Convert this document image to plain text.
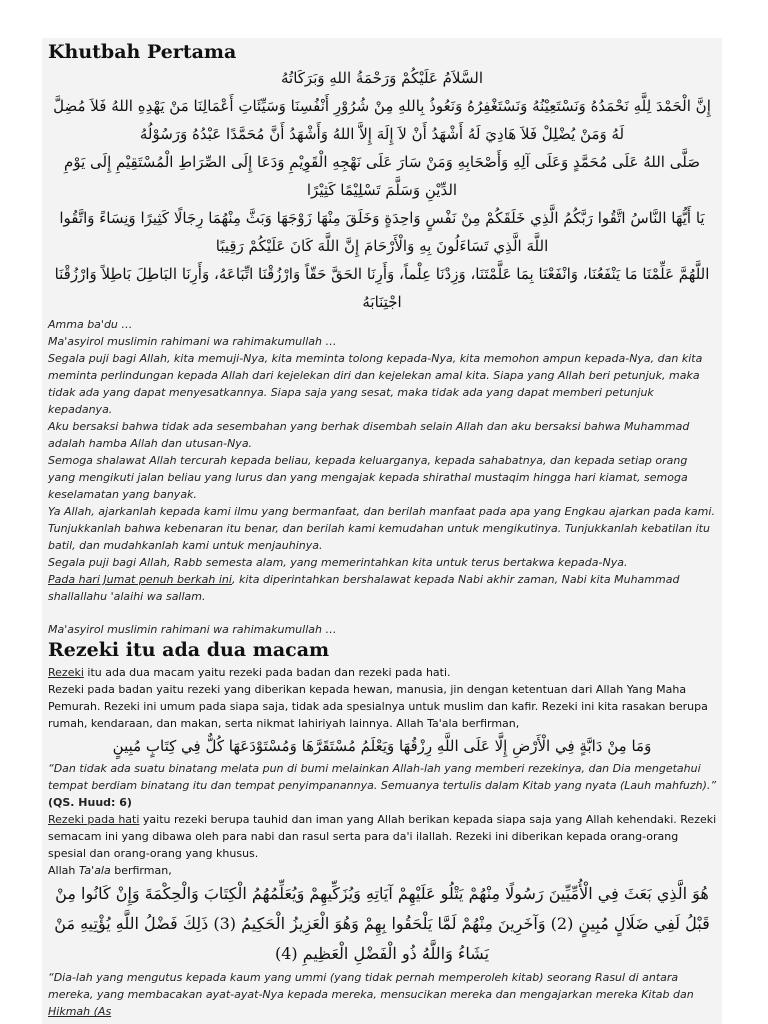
Khutbah Pertama

السَّلاَمُ عَلَيْكُمْ وَرَحْمَةُ اللهِ وَبَرَكَاتُهُ

إِنَّ الْحَمْدَ لِلَّهِ نَحْمَدُهُ وَنَسْتَعِيْنُهُ وَنَسْتَغْفِرُهُ وَنَعُوذُ بِاللهِ مِنْ شُرُوْرِ أَنْفُسِنَا وَسَيِّئَاتِ أَعْمَالِنَا مَنْ يَهْدِهِ اللهُ فَلاَ مُضِلَّ لَهُ وَمَنْ يُضْلِلْ فَلاَ هَادِيَ لَهُ أَشْهَدُ أَنْ لاَ إِلَهَ إِلاَّ اللهُ وَأَشْهَدُ أَنَّ مُحَمَّدًا عَبْدُهُ وَرَسُوْلُهُ

صَلَّى اللهُ عَلَى مُحَمَّدٍ وَعَلَى آلِهِ وَأَصْحَابِهِ وَمَنْ سَارَ عَلَى نَهْجِهِ الْقَوِيْمِ وَدَعَا إِلَى الصِّرَاطِ الْمُسْتَقِيْمِ إِلَى يَوْمِ الدِّيْنِ وَسَلَّمَ تَسْلِيْمًا كَثِيْرًا

يَا أَيُّهَا النَّاسُ اتَّقُوا رَبَّكُمُ الَّذِي خَلَقَكُمْ مِنْ نَفْسٍ وَاحِدَةٍ وَخَلَقَ مِنْهَا زَوْجَهَا وَبَثَّ مِنْهُمَا رِجَالًا كَثِيرًا وَنِسَاءً وَاتَّقُوا اللَّهَ الَّذِي تَسَاءَلُونَ بِهِ وَالْأَرْحَامَ إِنَّ اللَّهَ كَانَ عَلَيْكُمْ رَقِيبًا

اللَّهُمَّ عَلِّمْنَا مَا يَنْفَعُنَا، وَانْفَعْنَا بِمَا عَلَّمْتَنَا، وَزِدْنَا عِلْماً، وَأَرِنَا الحَقَّ حَقّاً وَارْزُقْنَا اتِّبَاعَهُ، وَأَرِنَا البَاطِلَ بَاطِلاً وَارْزُقْنَا اجْتِنَابَهُ

Amma ba'du …

Ma'asyirol muslimin rahimani wa rahimakumullah …

Segala puji bagi Allah, kita memuji-Nya, kita meminta tolong kepada-Nya, kita memohon ampun kepada-Nya, dan kita meminta perlindungan kepada Allah dari kejelekan diri dan kejelekan amal kita. Siapa yang Allah beri petunjuk, maka tidak ada yang dapat menyesatkannya. Siapa saja yang sesat, maka tidak ada yang dapat memberi petunjuk kepadanya.

Aku bersaksi bahwa tidak ada sesembahan yang berhak disembah selain Allah dan aku bersaksi bahwa Muhammad adalah hamba Allah dan utusan-Nya.

Semoga shalawat Allah tercurah kepada beliau, kepada keluarganya, kepada sahabatnya, dan kepada setiap orang yang mengikuti jalan beliau yang lurus dan yang mengajak kepada shirathal mustaqim hingga hari kiamat, semoga keselamatan yang banyak.

Ya Allah, ajarkanlah kepada kami ilmu yang bermanfaat, dan berilah manfaat pada apa yang Engkau ajarkan pada kami. Tunjukkanlah bahwa kebenaran itu benar, dan berilah kami kemudahan untuk mengikutinya. Tunjukkanlah kebatilan itu batil, dan mudahkanlah kami untuk menjauhinya.

Segala puji bagi Allah, Rabb semesta alam, yang memerintahkan kita untuk terus bertakwa kepada-Nya.

Pada hari Jumat penuh berkah ini, kita diperintahkan bershalawat kepada Nabi akhir zaman, Nabi kita Muhammad shallallahu 'alaihi wa sallam.

Ma'asyirol muslimin rahimani wa rahimakumullah …

Rezeki itu ada dua macam

Rezeki itu ada dua macam yaitu rezeki pada badan dan rezeki pada hati.

Rezeki pada badan yaitu rezeki yang diberikan kepada hewan, manusia, jin dengan ketentuan dari Allah Yang Maha Pemurah. Rezeki ini umum pada siapa saja, tidak ada spesialnya untuk muslim dan kafir. Rezeki ini kita rasakan berupa rumah, kendaraan, dan makan, serta nikmat lahiriyah lainnya. Allah Ta'ala berfirman,

وَمَا مِنْ دَابَّةٍ فِي الْأَرْضِ إِلَّا عَلَى اللَّهِ رِزْقُهَا وَيَعْلَمُ مُسْتَقَرَّهَا وَمُسْتَوْدَعَهَا كُلٌّ فِي كِتَابٍ مُبِينٍ

“Dan tidak ada suatu binatang melata pun di bumi melainkan Allah-lah yang memberi rezekinya, dan Dia mengetahui tempat berdiam binatang itu dan tempat penyimpanannya. Semuanya tertulis dalam Kitab yang nyata (Lauh mahfuzh).” (QS. Huud: 6)

Rezeki pada hati yaitu rezeki berupa tauhid dan iman yang Allah berikan kepada siapa saja yang Allah kehendaki. Rezeki semacam ini yang dibawa oleh para nabi dan rasul serta para da'i ilallah. Rezeki ini diberikan kepada orang-orang spesial dan orang-orang yang khusus.

Allah Ta'ala berfirman,

هُوَ الَّذِي بَعَثَ فِي الْأُمِّيِّينَ رَسُولًا مِنْهُمْ يَتْلُو عَلَيْهِمْ آيَاتِهِ وَيُزَكِّيهِمْ وَيُعَلِّمُهُمُ الْكِتَابَ وَالْحِكْمَةَ وَإِنْ كَانُوا مِنْ قَبْلُ لَفِي ضَلَالٍ مُبِينٍ (2) وَآخَرِينَ مِنْهُمْ لَمَّا يَلْحَقُوا بِهِمْ وَهُوَ الْعَزِيزُ الْحَكِيمُ (3) ذَلِكَ فَضْلُ اللَّهِ يُؤْتِيهِ مَنْ يَشَاءُ وَاللَّهُ ذُو الْفَضْلِ الْعَظِيمِ (4)

“Dia-lah yang mengutus kepada kaum yang ummi (yang tidak pernah memperoleh kitab) seorang Rasul di antara mereka, yang membacakan ayat-ayat-Nya kepada mereka, mensucikan mereka dan mengajarkan mereka Kitab dan Hikmah (As
